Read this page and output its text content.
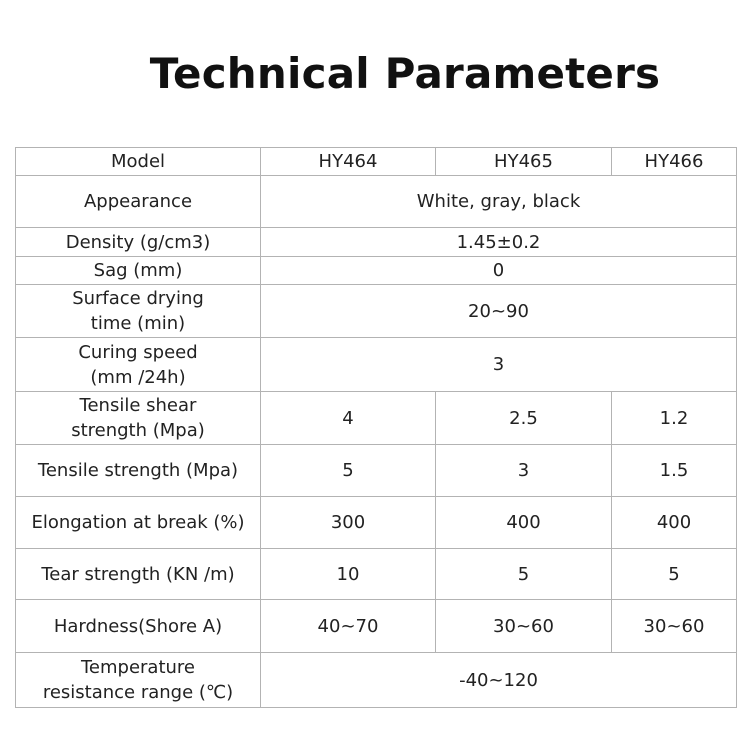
Technical Parameters
Model	HY464	HY465	HY466
Appearance	White, gray, black		
Density (g/cm3)	1.45±0.2		
Sag (mm)	0		
Surface drying
time (min)	20~90		
Curing speed
(mm /24h)	3		
Tensile shear
strength (Mpa)	4	2.5	1.2
Tensile strength (Mpa)	5	3	1.5
Elongation at break (%)	300	400	400
Tear strength (KN /m)	10	5	5
Hardness(Shore A)	40~70	30~60	30~60
Temperature
resistance range (℃)	-40~120		
